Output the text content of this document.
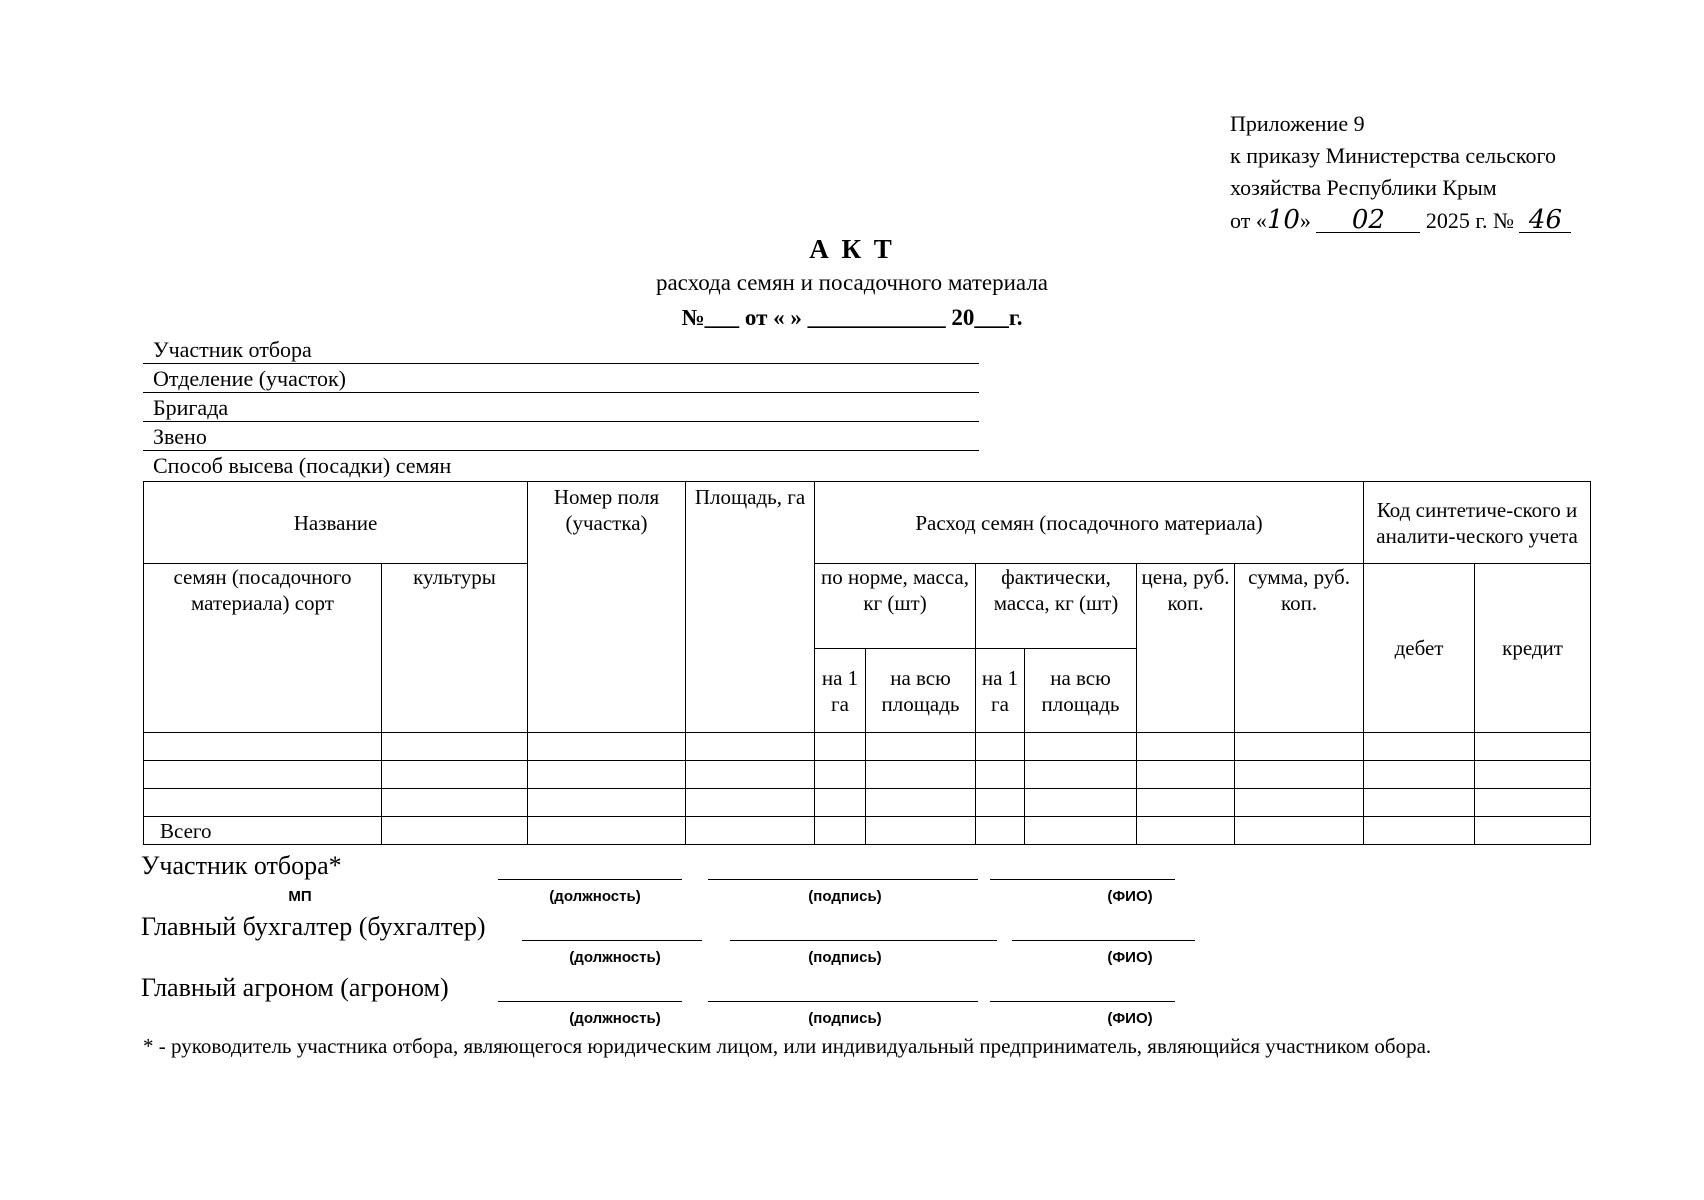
Приложение 9
к приказу Министерства сельского
хозяйства Республики Крым
от «10» 02 2025 г. № 46
А К Т
расхода семян и посадочного материала
№___ от « » ____________ 20___г.
Участник отбора
Отделение (участок)
Бригада
Звено
Способ высева (посадки) семян
Название		Номер поля (участка)	Площадь, га	Расход семян (посадочного материала)						Код синтетиче-ского и аналити-ческого учета	
семян (посадочного материала) сорт	культуры			по норме, масса, кг (шт)		фактически, масса, кг (шт)		цена, руб. коп.	сумма, руб. коп.	дебет	кредит
				на 1 га	на всю площадь	на 1 га	на всю площадь				

Всего											
Участник отбора*
МП	(должность)	(подпись)	(ФИО)
Главный бухгалтер (бухгалтер)
(должность)	(подпись)	(ФИО)
Главный агроном (агроном)
(должность)	(подпись)	(ФИО)
* - руководитель участника отбора, являющегося юридическим лицом, или индивидуальный предприниматель, являющийся участником обора.
